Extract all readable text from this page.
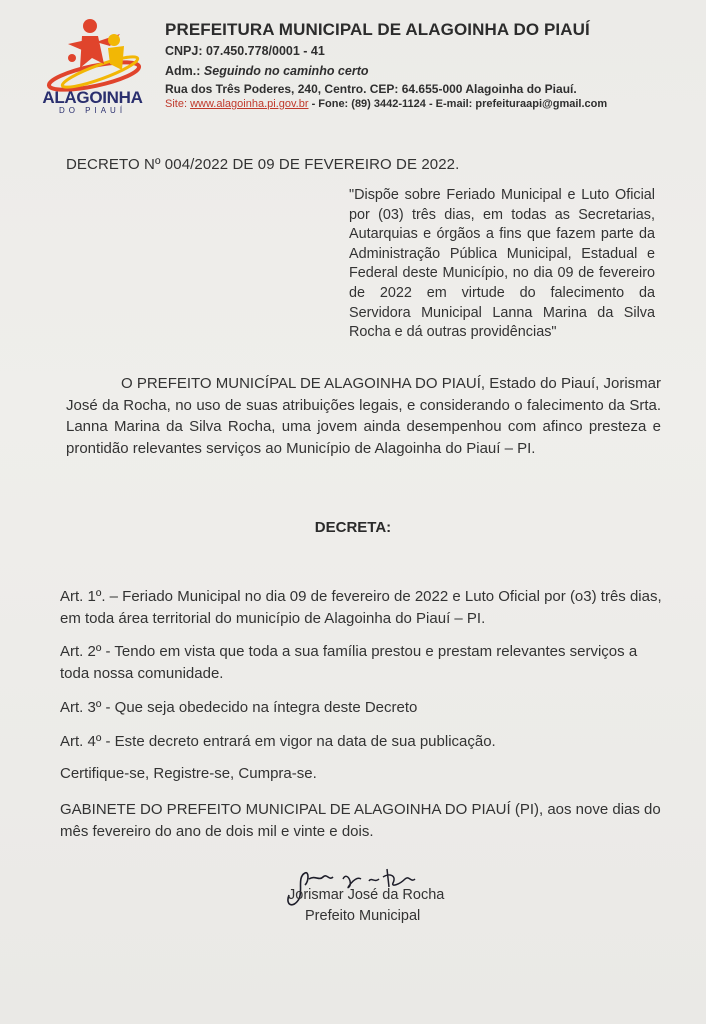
ALAGOINHA
DO PIAUÍ
PREFEITURA MUNICIPAL DE ALAGOINHA DO PIAUÍ
CNPJ: 07.450.778/0001 - 41
Adm.: Seguindo no caminho certo
Rua dos Três Poderes, 240, Centro. CEP: 64.655-000 Alagoinha do Piauí.
Site: www.alagoinha.pi.gov.br - Fone: (89) 3442-1124 - E-mail: prefeituraapi@gmail.com
DECRETO Nº 004/2022 DE 09 DE FEVEREIRO DE 2022.
"Dispõe sobre Feriado Municipal e Luto Oficial por (03) três dias, em todas as Secretarias, Autarquias e órgãos a fins que fazem parte da Administração Pública Municipal, Estadual e Federal deste Município, no dia 09 de fevereiro de 2022 em virtude do falecimento da Servidora Municipal Lanna Marina da Silva Rocha e dá outras providências"
O PREFEITO MUNICÍPAL DE ALAGOINHA DO PIAUÍ, Estado do Piauí, Jorismar José da Rocha, no uso de suas atribuições legais, e considerando o falecimento da Srta. Lanna Marina da Silva Rocha, uma jovem ainda desempenhou com afinco presteza e prontidão relevantes serviços ao Município de Alagoinha do Piauí – PI.
DECRETA:
Art. 1º. – Feriado Municipal no dia 09 de fevereiro de 2022 e Luto Oficial por (o3) três dias, em toda área territorial do município de Alagoinha do Piauí – PI.
Art. 2º - Tendo em vista que toda a sua família prestou e prestam relevantes serviços a toda nossa comunidade.
Art. 3º - Que seja obedecido na íntegra deste Decreto
Art. 4º - Este decreto entrará em vigor na data de sua publicação.
Certifique-se, Registre-se, Cumpra-se.
GABINETE DO PREFEITO MUNICIPAL DE ALAGOINHA DO PIAUÍ (PI), aos nove dias do mês fevereiro do ano de dois mil e vinte e dois.
Jorismar José da Rocha
Prefeito Municipal
